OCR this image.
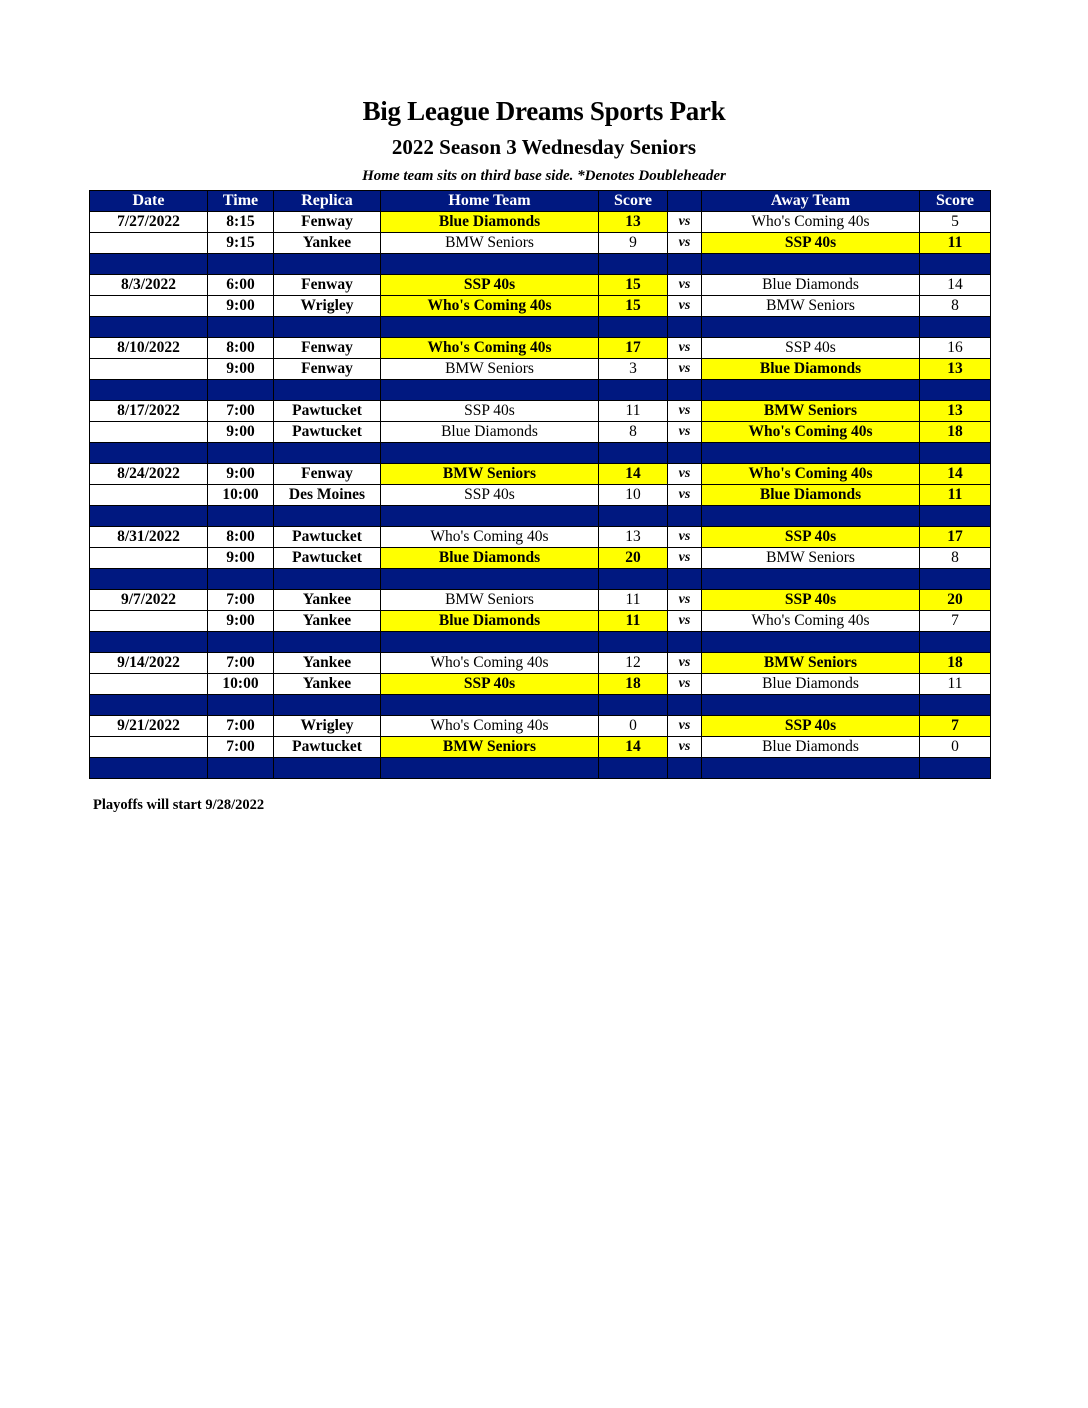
Big League Dreams Sports Park
2022 Season 3 Wednesday Seniors
Home team sits on third base side. *Denotes Doubleheader
Date	Time	Replica	Home Team	Score		Away Team	Score
7/27/2022	8:15	Fenway	Blue Diamonds	13	vs	Who's Coming 40s	5
	9:15	Yankee	BMW Seniors	9	vs	SSP 40s	11

8/3/2022	6:00	Fenway	SSP 40s	15	vs	Blue Diamonds	14
	9:00	Wrigley	Who's Coming 40s	15	vs	BMW Seniors	8

8/10/2022	8:00	Fenway	Who's Coming 40s	17	vs	SSP 40s	16
	9:00	Fenway	BMW Seniors	3	vs	Blue Diamonds	13

8/17/2022	7:00	Pawtucket	SSP 40s	11	vs	BMW Seniors	13
	9:00	Pawtucket	Blue Diamonds	8	vs	Who's Coming 40s	18

8/24/2022	9:00	Fenway	BMW Seniors	14	vs	Who's Coming 40s	14
	10:00	Des Moines	SSP 40s	10	vs	Blue Diamonds	11

8/31/2022	8:00	Pawtucket	Who's Coming 40s	13	vs	SSP 40s	17
	9:00	Pawtucket	Blue Diamonds	20	vs	BMW Seniors	8

9/7/2022	7:00	Yankee	BMW Seniors	11	vs	SSP 40s	20
	9:00	Yankee	Blue Diamonds	11	vs	Who's Coming 40s	7

9/14/2022	7:00	Yankee	Who's Coming 40s	12	vs	BMW Seniors	18
	10:00	Yankee	SSP 40s	18	vs	Blue Diamonds	11

9/21/2022	7:00	Wrigley	Who's Coming 40s	0	vs	SSP 40s	7
	7:00	Pawtucket	BMW Seniors	14	vs	Blue Diamonds	0

Playoffs will start 9/28/2022
